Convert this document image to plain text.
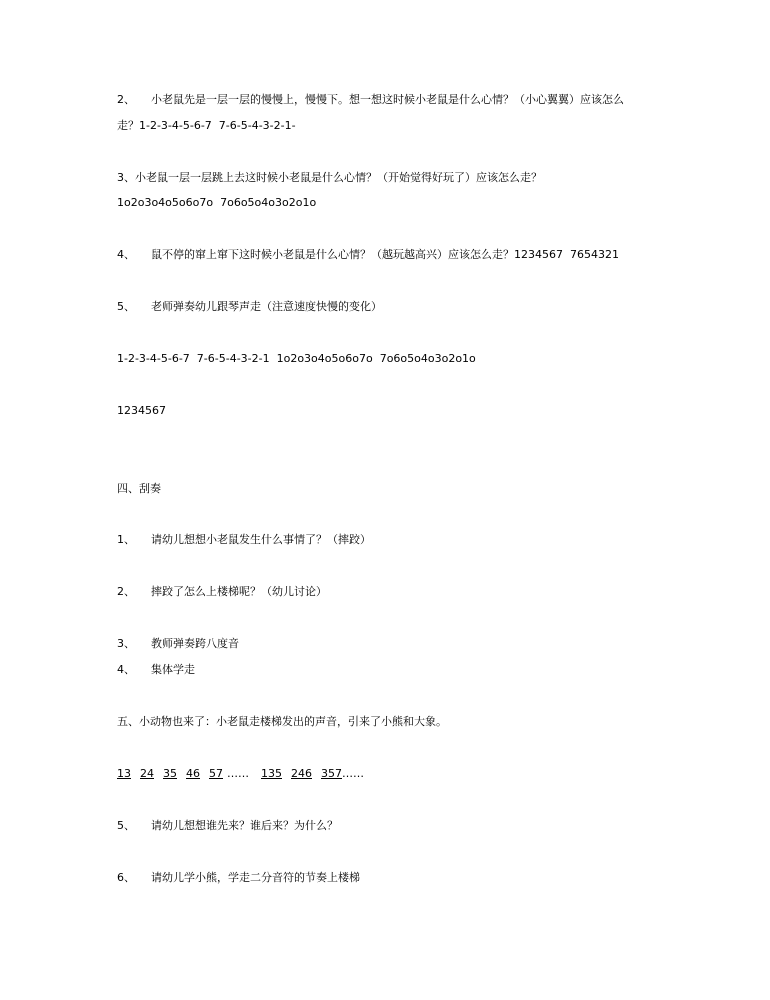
2、 小老鼠先是一层一层的慢慢上，慢慢下。想一想这时候小老鼠是什么心情？（小心翼翼）应该怎么
走？1-2-3-4-5-6-7  7-6-5-4-3-2-1-
3、小老鼠一层一层跳上去这时候小老鼠是什么心情？（开始觉得好玩了）应该怎么走？
1o2o3o4o5o6o7o  7o6o5o4o3o2o1o
4、 鼠不停的窜上窜下这时候小老鼠是什么心情？（越玩越高兴）应该怎么走？1234567  7654321
5、 老师弹奏幼儿跟琴声走（注意速度快慢的变化）
1-2-3-4-5-6-7  7-6-5-4-3-2-1  1o2o3o4o5o6o7o  7o6o5o4o3o2o1o
1234567
四、刮奏
1、 请幼儿想想小老鼠发生什么事情了？（摔跤）
2、 摔跤了怎么上楼梯呢？（幼儿讨论）
3、 教师弹奏跨八度音
4、 集体学走
五、小动物也来了：小老鼠走楼梯发出的声音，引来了小熊和大象。
13 24 35 46 57 …… 135 246 357……
5、 请幼儿想想谁先来？谁后来？为什么？
6、 请幼儿学小熊，学走二分音符的节奏上楼梯
